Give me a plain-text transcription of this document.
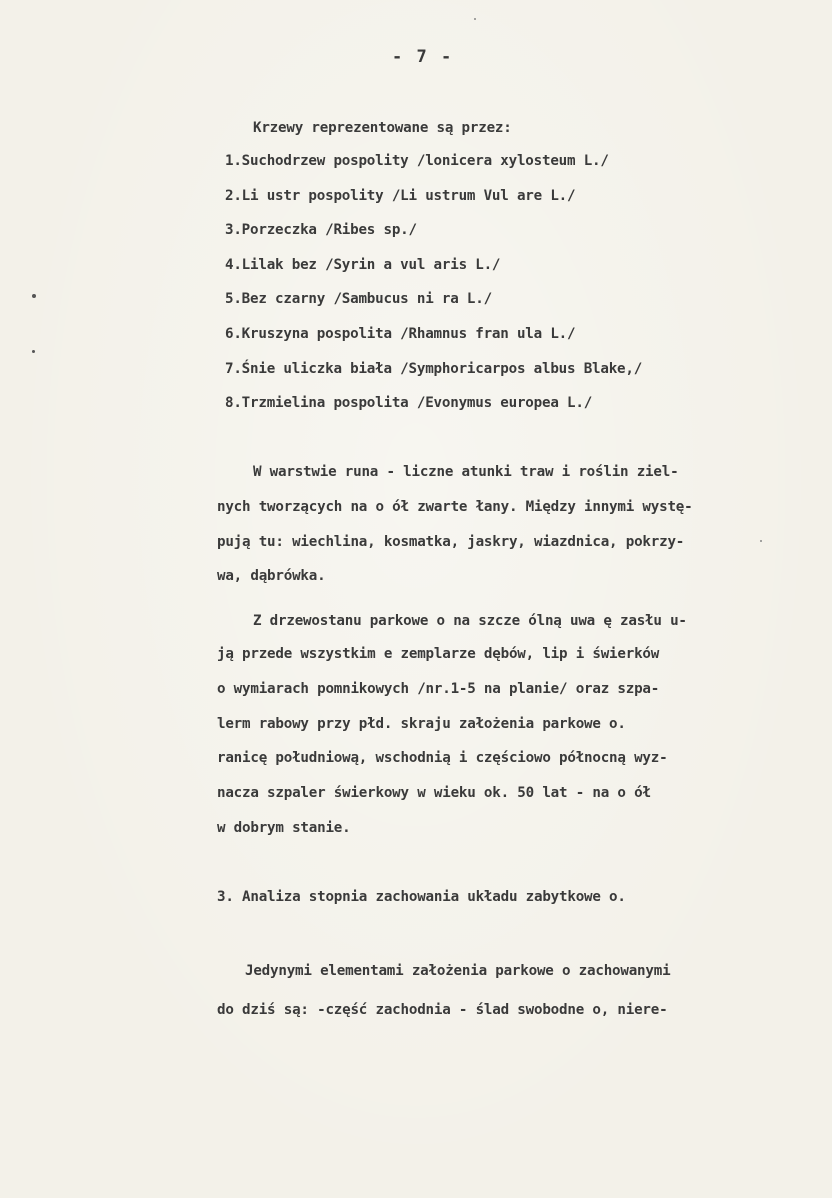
- 7 -
Krzewy reprezentowane są przez:
1.Suchodrzew pospolity /lonicera xylosteum L./
2.Li ustr pospolity /Li ustrum Vul are L./
3.Porzeczka /Ribes sp./
4.Lilak bez /Syrin a vul aris L./
5.Bez czarny /Sambucus ni ra L./
6.Kruszyna pospolita /Rhamnus fran ula L./
7.Śnie uliczka biała /Symphoricarpos albus Blake,/
8.Trzmielina pospolita /Evonymus europea L./
W warstwie runa - liczne atunki traw i roślin ziel-
nych tworzących na o ół zwarte łany. Między innymi wystę-
pują tu: wiechlina, kosmatka, jaskry, wiazdnica, pokrzy-
wa, dąbrówka.
Z drzewostanu parkowe o na szcze ólną uwa ę zasłu u-
ją przede wszystkim e zemplarze dębów, lip i świerków
o wymiarach pomnikowych /nr.1-5 na planie/ oraz szpa-
lerm rabowy przy płd. skraju założenia parkowe o.
ranicę południową, wschodnią i częściowo północną wyz-
nacza szpaler świerkowy w wieku ok. 50 lat - na o ół
w dobrym stanie.
3. Analiza stopnia zachowania układu zabytkowe o.
Jedynymi elementami założenia parkowe o zachowanymi
do dziś są: -część zachodnia - ślad swobodne o, niere-
